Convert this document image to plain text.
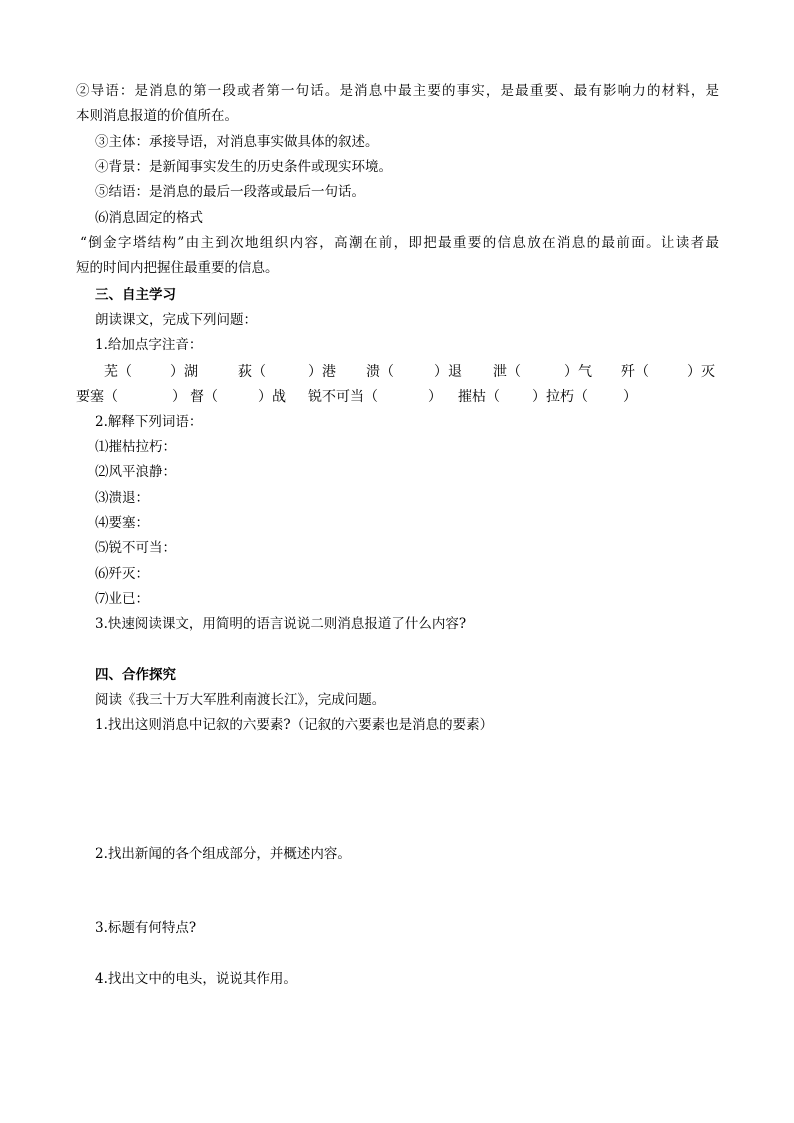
②导语：是消息的第一段或者第一句话。是消息中最主要的事实，是最重要、最有影响力的材料，是
本则消息报道的价值所在。
③主体：承接导语，对消息事实做具体的叙述。
④背景：是新闻事实发生的历史条件或现实环境。
⑤结语：是消息的最后一段落或最后一句话。
⑹消息固定的格式
“倒金字塔结构”由主到次地组织内容，高潮在前，即把最重要的信息放在消息的最前面。让读者最
短的时间内把握住最重要的信息。
三、自主学习
朗读课文，完成下列问题：
1.给加点字注音：
芜（	）湖	荻（	）港 溃（	）退 泄（	）气 歼（	）灭
要塞（	） 督（	）战 锐不可当（	） 摧枯（ ）拉朽（	）
2.解释下列词语：
⑴摧枯拉朽：
⑵风平浪静：
⑶溃退：
⑷要塞：
⑸锐不可当：
⑹歼灭：
⑺业已：
3.快速阅读课文，用简明的语言说说二则消息报道了什么内容?
四、合作探究
阅读《我三十万大军胜利南渡长江》，完成问题。
1.找出这则消息中记叙的六要素?（记叙的六要素也是消息的要素）
2.找出新闻的各个组成部分，并概述内容。
3.标题有何特点?
4.找出文中的电头，说说其作用。
